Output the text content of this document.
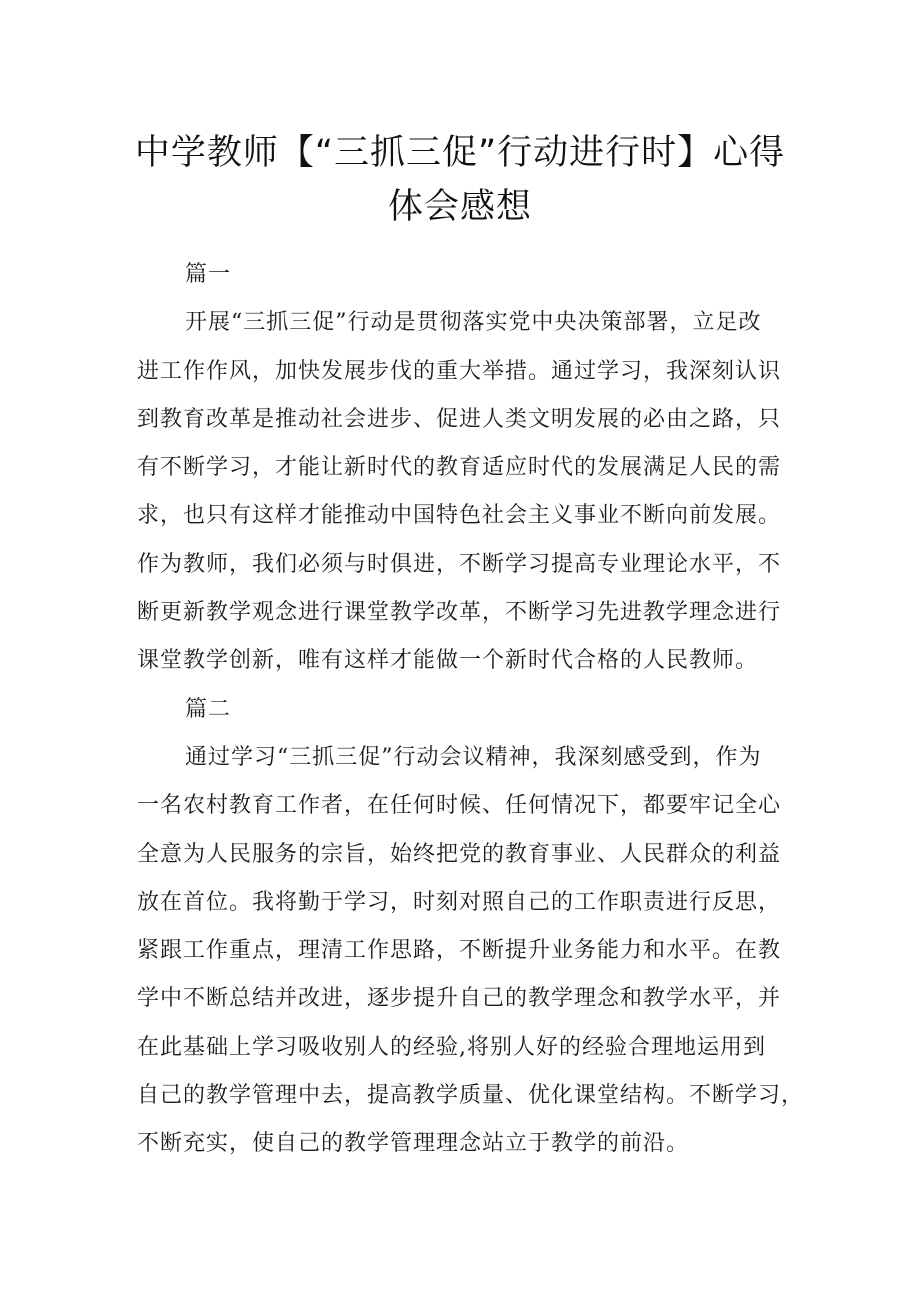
中学教师【“三抓三促”行动进行时】心得
体会感想
篇一

开展“三抓三促”行动是贯彻落实党中央决策部署，立足改
进工作作风，加快发展步伐的重大举措。通过学习，我深刻认识
到教育改革是推动社会进步、促进人类文明发展的必由之路，只
有不断学习，才能让新时代的教育适应时代的发展满足人民的需
求，也只有这样才能推动中国特色社会主义事业不断向前发展。
作为教师，我们必须与时俱进，不断学习提高专业理论水平，不
断更新教学观念进行课堂教学改革，不断学习先进教学理念进行
课堂教学创新，唯有这样才能做一个新时代合格的人民教师。

篇二

通过学习“三抓三促”行动会议精神，我深刻感受到，作为
一名农村教育工作者，在任何时候、任何情况下，都要牢记全心
全意为人民服务的宗旨，始终把党的教育事业、人民群众的利益
放在首位。我将勤于学习，时刻对照自己的工作职责进行反思，
紧跟工作重点，理清工作思路，不断提升业务能力和水平。在教
学中不断总结并改进，逐步提升自己的教学理念和教学水平，并
在此基础上学习吸收别人的经验,将别人好的经验合理地运用到
自己的教学管理中去，提高教学质量、优化课堂结构。不断学习，
不断充实，使自己的教学管理理念站立于教学的前沿。
